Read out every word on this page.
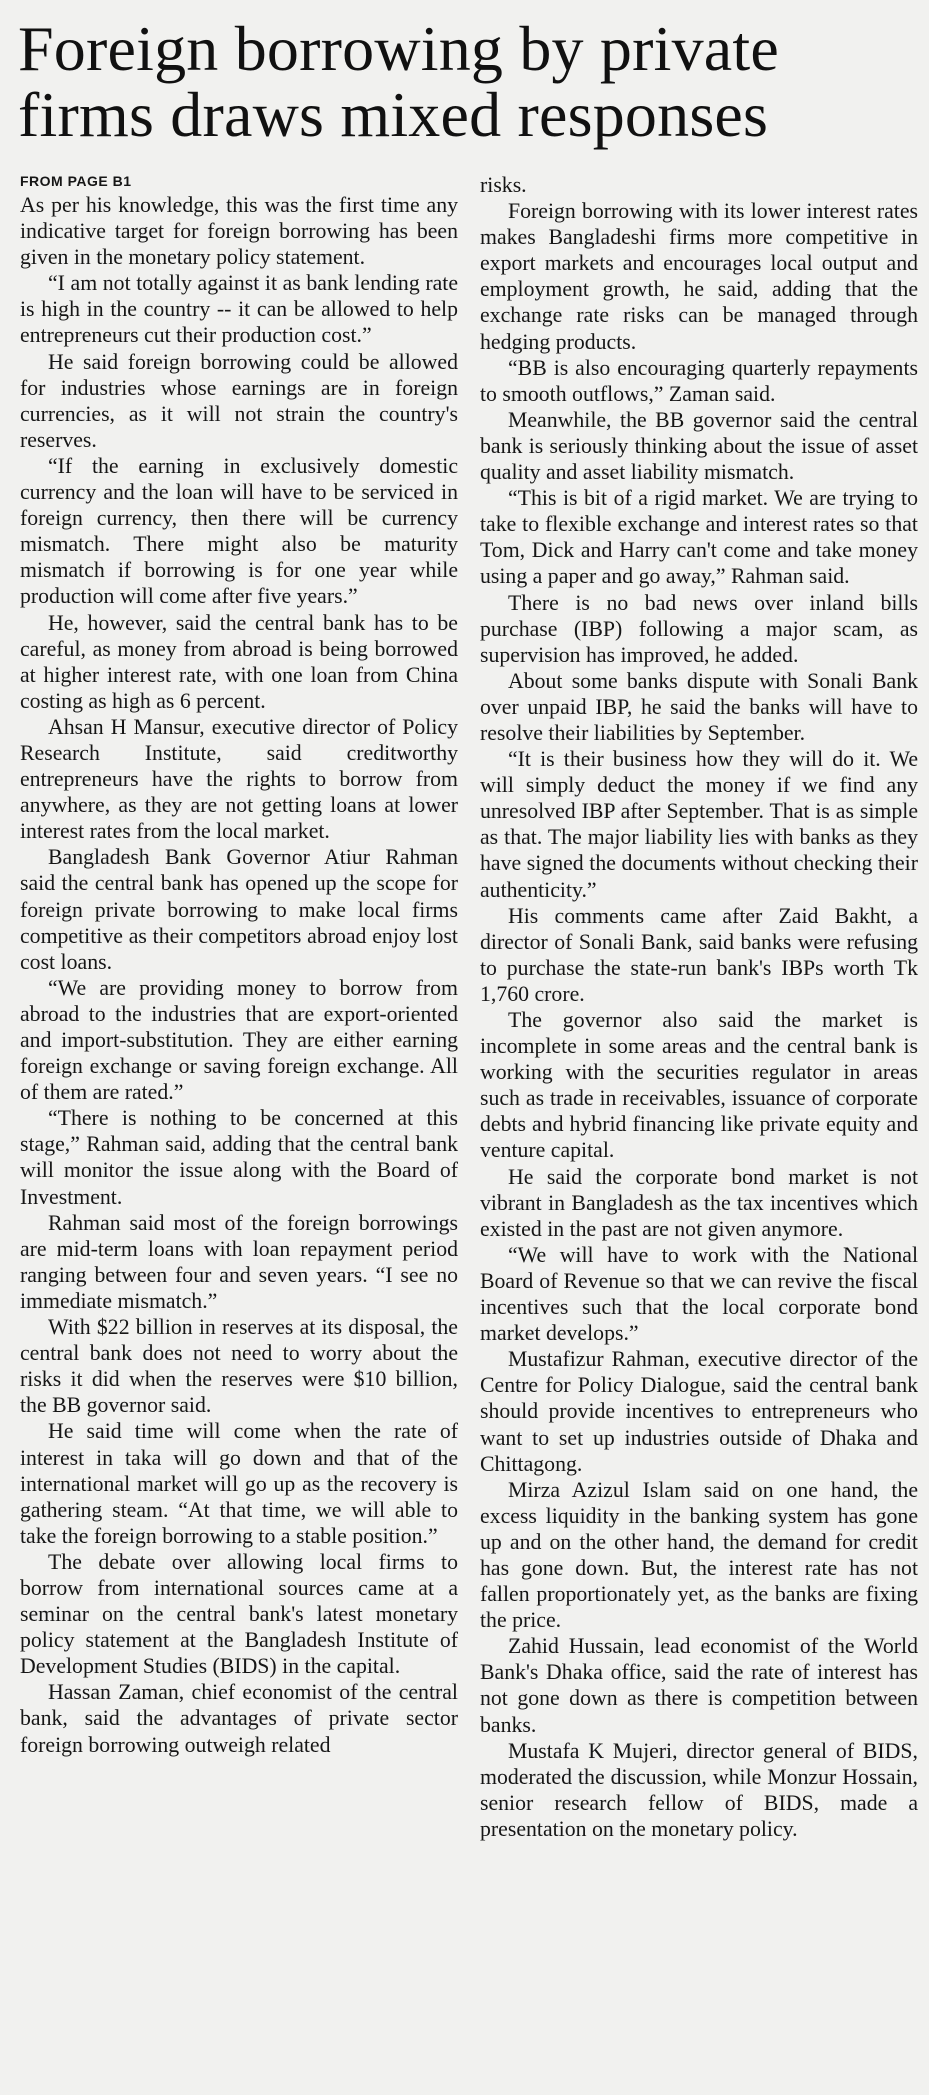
Foreign borrowing by private firms draws mixed responses
FROM PAGE B1

As per his knowledge, this was the first time any indicative target for foreign borrowing has been given in the monetary policy statement.

“I am not totally against it as bank lending rate is high in the country -- it can be allowed to help entrepreneurs cut their production cost.”

He said foreign borrowing could be allowed for industries whose earnings are in foreign currencies, as it will not strain the country's reserves.

“If the earning in exclusively domestic currency and the loan will have to be serviced in foreign currency, then there will be currency mismatch. There might also be maturity mismatch if borrowing is for one year while production will come after five years.”

He, however, said the central bank has to be careful, as money from abroad is being borrowed at higher interest rate, with one loan from China costing as high as 6 percent.

Ahsan H Mansur, executive director of Policy Research Institute, said creditworthy entrepreneurs have the rights to borrow from anywhere, as they are not getting loans at lower interest rates from the local market.

Bangladesh Bank Governor Atiur Rahman said the central bank has opened up the scope for foreign private borrowing to make local firms competitive as their competitors abroad enjoy lost cost loans.

“We are providing money to borrow from abroad to the industries that are export-oriented and import-substitution. They are either earning foreign exchange or saving foreign exchange. All of them are rated.”

“There is nothing to be concerned at this stage,” Rahman said, adding that the central bank will monitor the issue along with the Board of Investment.

Rahman said most of the foreign borrowings are mid-term loans with loan repayment period ranging between four and seven years. “I see no immediate mismatch.”

With $22 billion in reserves at its disposal, the central bank does not need to worry about the risks it did when the reserves were $10 billion, the BB governor said.

He said time will come when the rate of interest in taka will go down and that of the international market will go up as the recovery is gathering steam. “At that time, we will able to take the foreign borrowing to a stable position.”

The debate over allowing local firms to borrow from international sources came at a seminar on the central bank's latest monetary policy statement at the Bangladesh Institute of Development Studies (BIDS) in the capital.

Hassan Zaman, chief economist of the central bank, said the advantages of private sector foreign borrowing outweigh related

risks.

Foreign borrowing with its lower interest rates makes Bangladeshi firms more competitive in export markets and encourages local output and employment growth, he said, adding that the exchange rate risks can be managed through hedging products.

“BB is also encouraging quarterly repayments to smooth outflows,” Zaman said.

Meanwhile, the BB governor said the central bank is seriously thinking about the issue of asset quality and asset liability mismatch.

“This is bit of a rigid market. We are trying to take to flexible exchange and interest rates so that Tom, Dick and Harry can't come and take money using a paper and go away,” Rahman said.

There is no bad news over inland bills purchase (IBP) following a major scam, as supervision has improved, he added.

About some banks dispute with Sonali Bank over unpaid IBP, he said the banks will have to resolve their liabilities by September.

“It is their business how they will do it. We will simply deduct the money if we find any unresolved IBP after September. That is as simple as that. The major liability lies with banks as they have signed the documents without checking their authenticity.”

His comments came after Zaid Bakht, a director of Sonali Bank, said banks were refusing to purchase the state-run bank's IBPs worth Tk 1,760 crore.

The governor also said the market is incomplete in some areas and the central bank is working with the securities regulator in areas such as trade in receivables, issuance of corporate debts and hybrid financing like private equity and venture capital.

He said the corporate bond market is not vibrant in Bangladesh as the tax incentives which existed in the past are not given anymore.

“We will have to work with the National Board of Revenue so that we can revive the fiscal incentives such that the local corporate bond market develops.”

Mustafizur Rahman, executive director of the Centre for Policy Dialogue, said the central bank should provide incentives to entrepreneurs who want to set up industries outside of Dhaka and Chittagong.

Mirza Azizul Islam said on one hand, the excess liquidity in the banking system has gone up and on the other hand, the demand for credit has gone down. But, the interest rate has not fallen proportionately yet, as the banks are fixing the price.

Zahid Hussain, lead economist of the World Bank's Dhaka office, said the rate of interest has not gone down as there is competition between banks.

Mustafa K Mujeri, director general of BIDS, moderated the discussion, while Monzur Hossain, senior research fellow of BIDS, made a presentation on the monetary policy.
